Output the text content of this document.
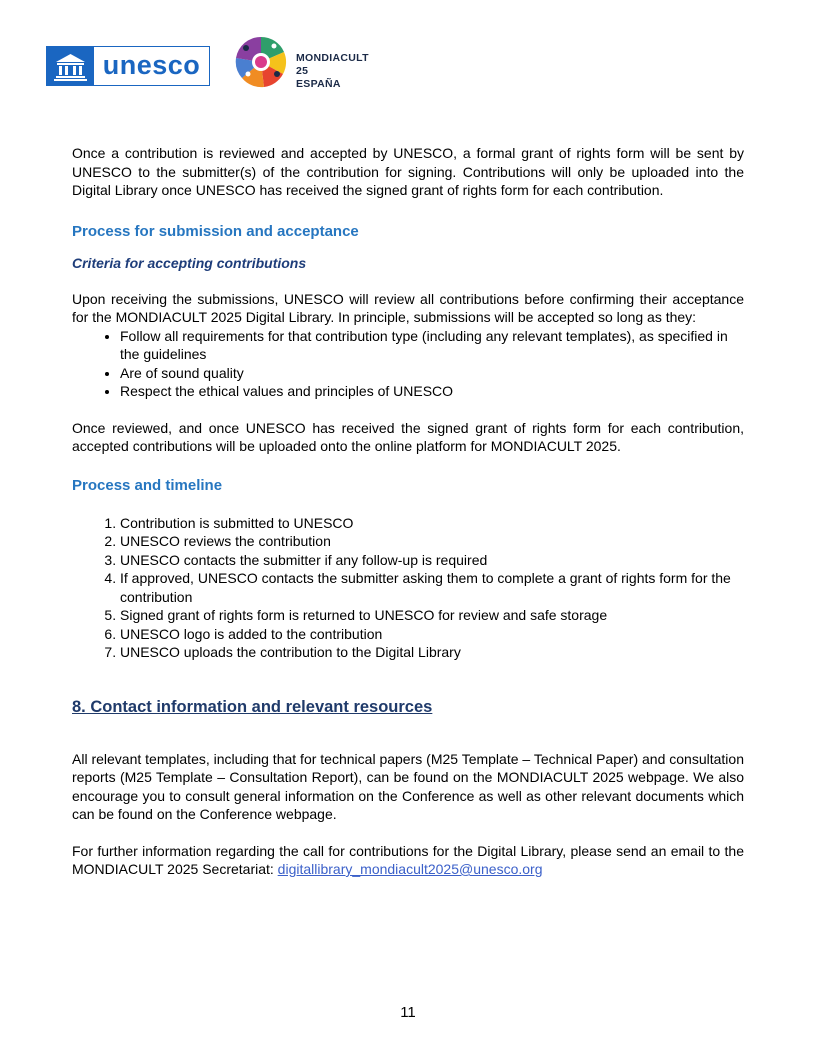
unesco	MONDIACULT 25
ESPAÑA

Once a contribution is reviewed and accepted by UNESCO, a formal grant of rights form will be sent by UNESCO to the submitter(s) of the contribution for signing. Contributions will only be uploaded into the Digital Library once UNESCO has received the signed grant of rights form for each contribution.

Process for submission and acceptance
Criteria for accepting contributions

Upon receiving the submissions, UNESCO will review all contributions before confirming their acceptance for the MONDIACULT 2025 Digital Library. In principle, submissions will be accepted so long as they:

• Follow all requirements for that contribution type (including any relevant templates), as specified in the guidelines
• Are of sound quality
• Respect the ethical values and principles of UNESCO

Once reviewed, and once UNESCO has received the signed grant of rights form for each contribution, accepted contributions will be uploaded onto the online platform for MONDIACULT 2025.

Process and timeline
1. Contribution is submitted to UNESCO
2. UNESCO reviews the contribution
3. UNESCO contacts the submitter if any follow-up is required
4. If approved, UNESCO contacts the submitter asking them to complete a grant of rights form for the contribution
5. Signed grant of rights form is returned to UNESCO for review and safe storage
6. UNESCO logo is added to the contribution
7. UNESCO uploads the contribution to the Digital Library
8. Contact information and relevant resources

All relevant templates, including that for technical papers (M25 Template – Technical Paper) and consultation reports (M25 Template – Consultation Report), can be found on the MONDIACULT 2025 webpage. We also encourage you to consult general information on the Conference as well as other relevant documents which can be found on the Conference webpage.

For further information regarding the call for contributions for the Digital Library, please send an email to the MONDIACULT 2025 Secretariat: digitallibrary_mondiacult2025@unesco.org

11
